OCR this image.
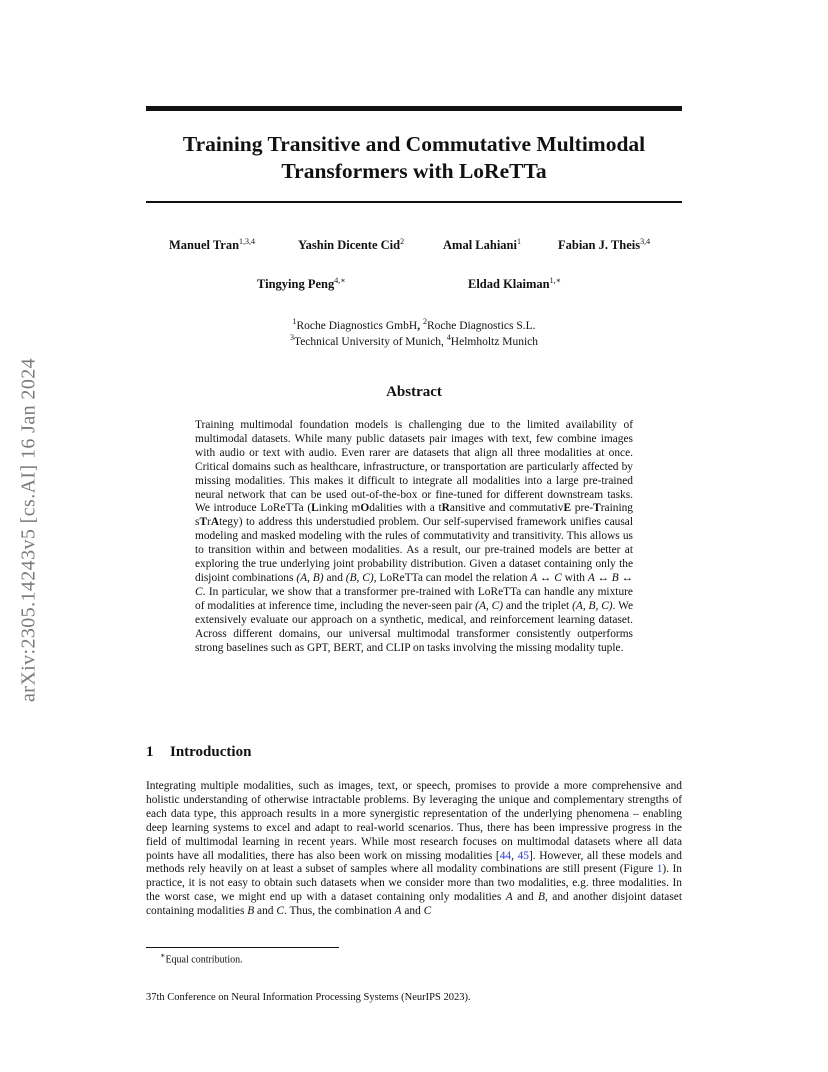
arXiv:2305.14243v5 [cs.AI] 16 Jan 2024
Training Transitive and Commutative Multimodal
Transformers with LoReTTa
Manuel Tran$^{1,3,4}$	Yashin Dicente Cid$^2$	Amal Lahiani$^1$	Fabian J. Theis$^{3,4}$
Tingying Peng$^{4,∗}$	Eldad Klaiman$^{1,∗}$
$^1$Roche Diagnostics GmbH, $^2$Roche Diagnostics S.L.
$^3$Technical University of Munich, $^4$Helmholtz Munich
Abstract
Training multimodal foundation models is challenging due to the limited availability of multimodal datasets. While many public datasets pair images with text, few combine images with audio or text with audio. Even rarer are datasets that align all three modalities at once. Critical domains such as healthcare, infrastructure, or transportation are particularly affected by missing modalities. This makes it difficult to integrate all modalities into a large pre-trained neural network that can be used out-of-the-box or fine-tuned for different downstream tasks. We introduce LoReTTa (Linking mOdalities with a tRansitive and commutativE pre-Training sTrAtegy) to address this understudied problem. Our self-supervised framework unifies causal modeling and masked modeling with the rules of commutativity and transitivity. This allows us to transition within and between modalities. As a result, our pre-trained models are better at exploring the true underlying joint probability distribution. Given a dataset containing only the disjoint combinations (A, B) and (B, C), LoReTTa can model the relation A ↔ C with A ↔ B ↔ C. In particular, we show that a transformer pre-trained with LoReTTa can handle any mixture of modalities at inference time, including the never-seen pair (A, C) and the triplet (A, B, C). We extensively evaluate our approach on a synthetic, medical, and reinforcement learning dataset. Across different domains, our universal multimodal transformer consistently outperforms strong baselines such as GPT, BERT, and CLIP on tasks involving the missing modality tuple.
1 Introduction
Integrating multiple modalities, such as images, text, or speech, promises to provide a more comprehensive and holistic understanding of otherwise intractable problems. By leveraging the unique and complementary strengths of each data type, this approach results in a more synergistic representation of the underlying phenomena – enabling deep learning systems to excel and adapt to real-world scenarios. Thus, there has been impressive progress in the field of multimodal learning in recent years. While most research focuses on multimodal datasets where all data points have all modalities, there has also been work on missing modalities [44, 45]. However, all these models and methods rely heavily on at least a subset of samples where all modality combinations are still present (Figure 1). In practice, it is not easy to obtain such datasets when we consider more than two modalities, e.g. three modalities. In the worst case, we might end up with a dataset containing only modalities A and B, and another disjoint dataset containing modalities B and C. Thus, the combination A and C
∗Equal contribution.
37th Conference on Neural Information Processing Systems (NeurIPS 2023).
